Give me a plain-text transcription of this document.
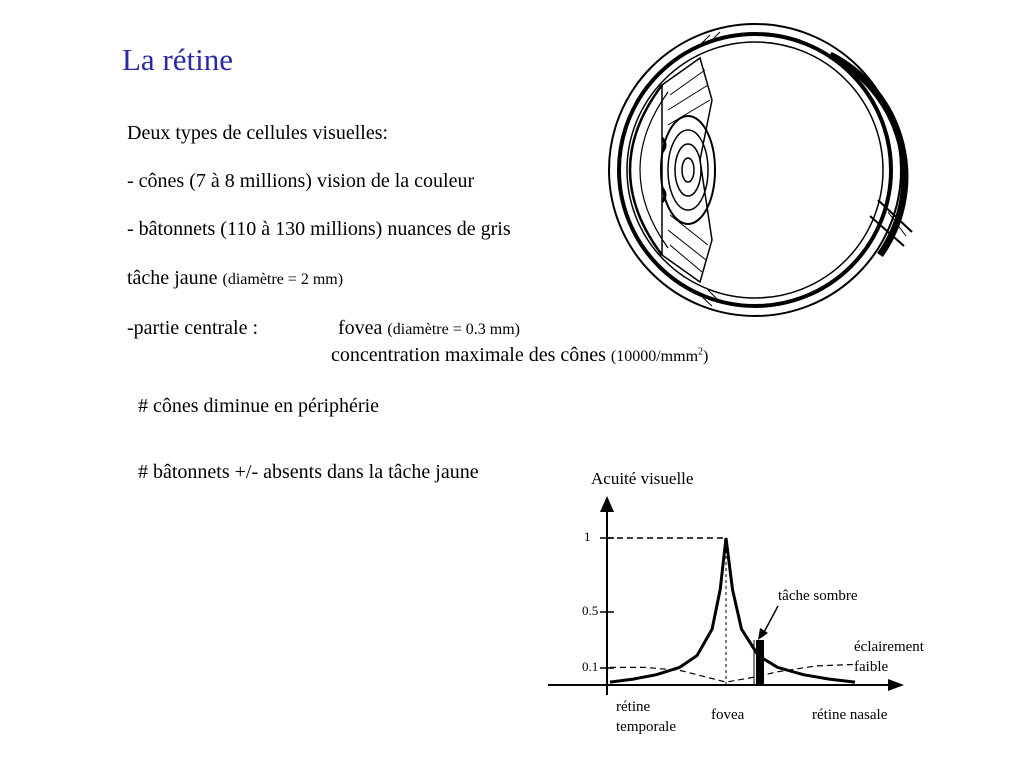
La rétine
Deux types de cellules visuelles:
- cônes (7 à 8 millions) vision de la couleur
- bâtonnets (110 à 130 millions) nuances de gris
tâche jaune (diamètre = 2 mm)
-partie centrale :	fovea (diamètre = 0.3 mm)
concentration maximale des cônes (10000/mmm$^2$)
# cônes diminue en périphérie
# bâtonnets +/- absents dans la tâche jaune	Acuité visuelle
1
0.5
0.1
tâche sombre
éclairement
faible
rétine
temporale
fovea	rétine nasale
